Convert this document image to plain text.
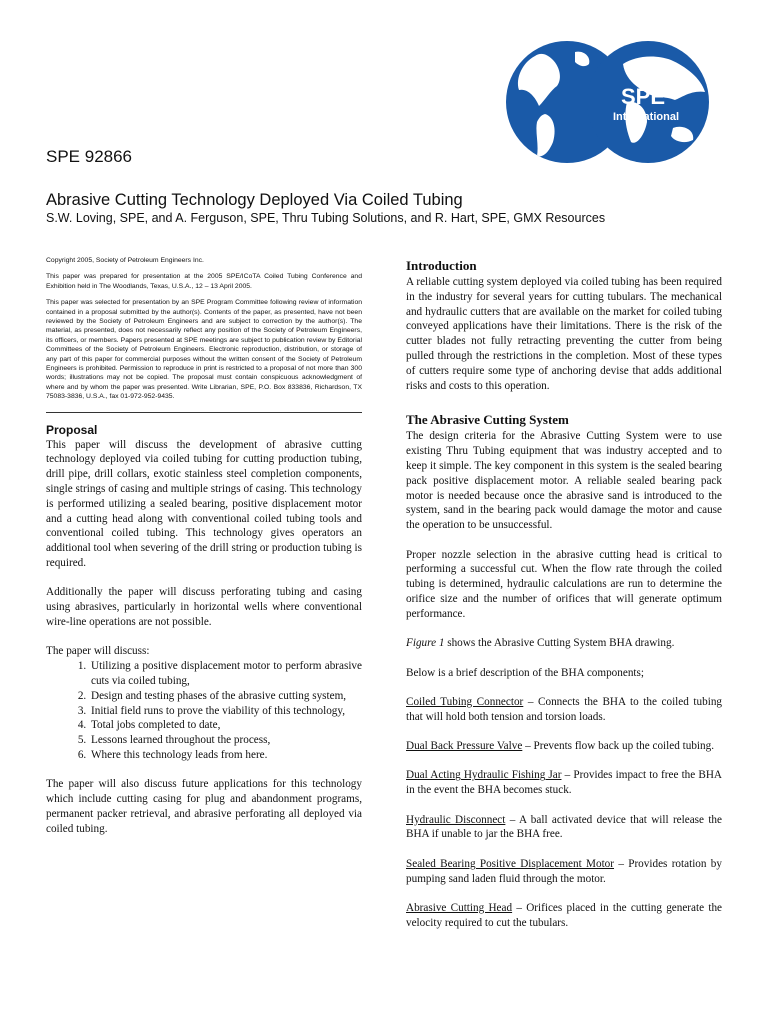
SPE
International
SPE 92866
Abrasive Cutting Technology Deployed Via Coiled Tubing
S.W. Loving, SPE, and A. Ferguson, SPE, Thru Tubing Solutions, and R. Hart, SPE, GMX Resources

Copyright 2005, Society of Petroleum Engineers Inc.

This paper was prepared for presentation at the 2005 SPE/ICoTA Coiled Tubing Conference and Exhibition held in The Woodlands, Texas, U.S.A., 12 – 13 April 2005.

This paper was selected for presentation by an SPE Program Committee following review of information contained in a proposal submitted by the author(s). Contents of the paper, as presented, have not been reviewed by the Society of Petroleum Engineers and are subject to correction by the author(s). The material, as presented, does not necessarily reflect any position of the Society of Petroleum Engineers, its officers, or members. Papers presented at SPE meetings are subject to publication review by Editorial Committees of the Society of Petroleum Engineers. Electronic reproduction, distribution, or storage of any part of this paper for commercial purposes without the written consent of the Society of Petroleum Engineers is prohibited. Permission to reproduce in print is restricted to a proposal of not more than 300 words; illustrations may not be copied. The proposal must contain conspicuous acknowledgment of where and by whom the paper was presented. Write Librarian, SPE, P.O. Box 833836, Richardson, TX 75083-3836, U.S.A., fax 01-972-952-9435.

Proposal

This paper will discuss the development of abrasive cutting technology deployed via coiled tubing for cutting production tubing, drill pipe, drill collars, exotic stainless steel completion components, single strings of casing and multiple strings of casing. This technology is performed utilizing a sealed bearing, positive displacement motor and a cutting head along with conventional coiled tubing tools and conventional coiled tubing. This technology gives operators an additional tool when severing of the drill string or production tubing is required.

Additionally the paper will discuss perforating tubing and casing using abrasives, particularly in horizontal wells where conventional wire-line operations are not possible.

The paper will discuss:

1. Utilizing a positive displacement motor to perform abrasive cuts via coiled tubing,
2. Design and testing phases of the abrasive cutting system,
3. Initial field runs to prove the viability of this technology,
4. Total jobs completed to date,
5. Lessons learned throughout the process,
6. Where this technology leads from here.

The paper will also discuss future applications for this technology which include cutting casing for plug and abandonment programs, permanent packer retrieval, and abrasive perforating all deployed via coiled tubing.

Introduction

A reliable cutting system deployed via coiled tubing has been required in the industry for several years for cutting tubulars. The mechanical and hydraulic cutters that are available on the market for coiled tubing conveyed applications have their limitations. There is the risk of the cutter blades not fully retracting preventing the cutter from being pulled through the restrictions in the completion. Most of these types of cutters require some type of anchoring devise that adds additional risks and costs to this operation.

The Abrasive Cutting System

The design criteria for the Abrasive Cutting System were to use existing Thru Tubing equipment that was industry accepted and to keep it simple. The key component in this system is the sealed bearing pack positive displacement motor. A reliable sealed bearing pack motor is needed because once the abrasive sand is introduced to the system, sand in the bearing pack would damage the motor and cause the operation to be unsuccessful.

Proper nozzle selection in the abrasive cutting head is critical to performing a successful cut. When the flow rate through the coiled tubing is determined, hydraulic calculations are run to determine the orifice size and the number of orifices that will generate optimum performance.

Figure 1 shows the Abrasive Cutting System BHA drawing.

Below is a brief description of the BHA components;

Coiled Tubing Connector – Connects the BHA to the coiled tubing that will hold both tension and torsion loads.

Dual Back Pressure Valve – Prevents flow back up the coiled tubing.

Dual Acting Hydraulic Fishing Jar – Provides impact to free the BHA in the event the BHA becomes stuck.

Hydraulic Disconnect – A ball activated device that will release the BHA if unable to jar the BHA free.

Sealed Bearing Positive Displacement Motor – Provides rotation by pumping sand laden fluid through the motor.

Abrasive Cutting Head – Orifices placed in the cutting generate the velocity required to cut the tubulars.
